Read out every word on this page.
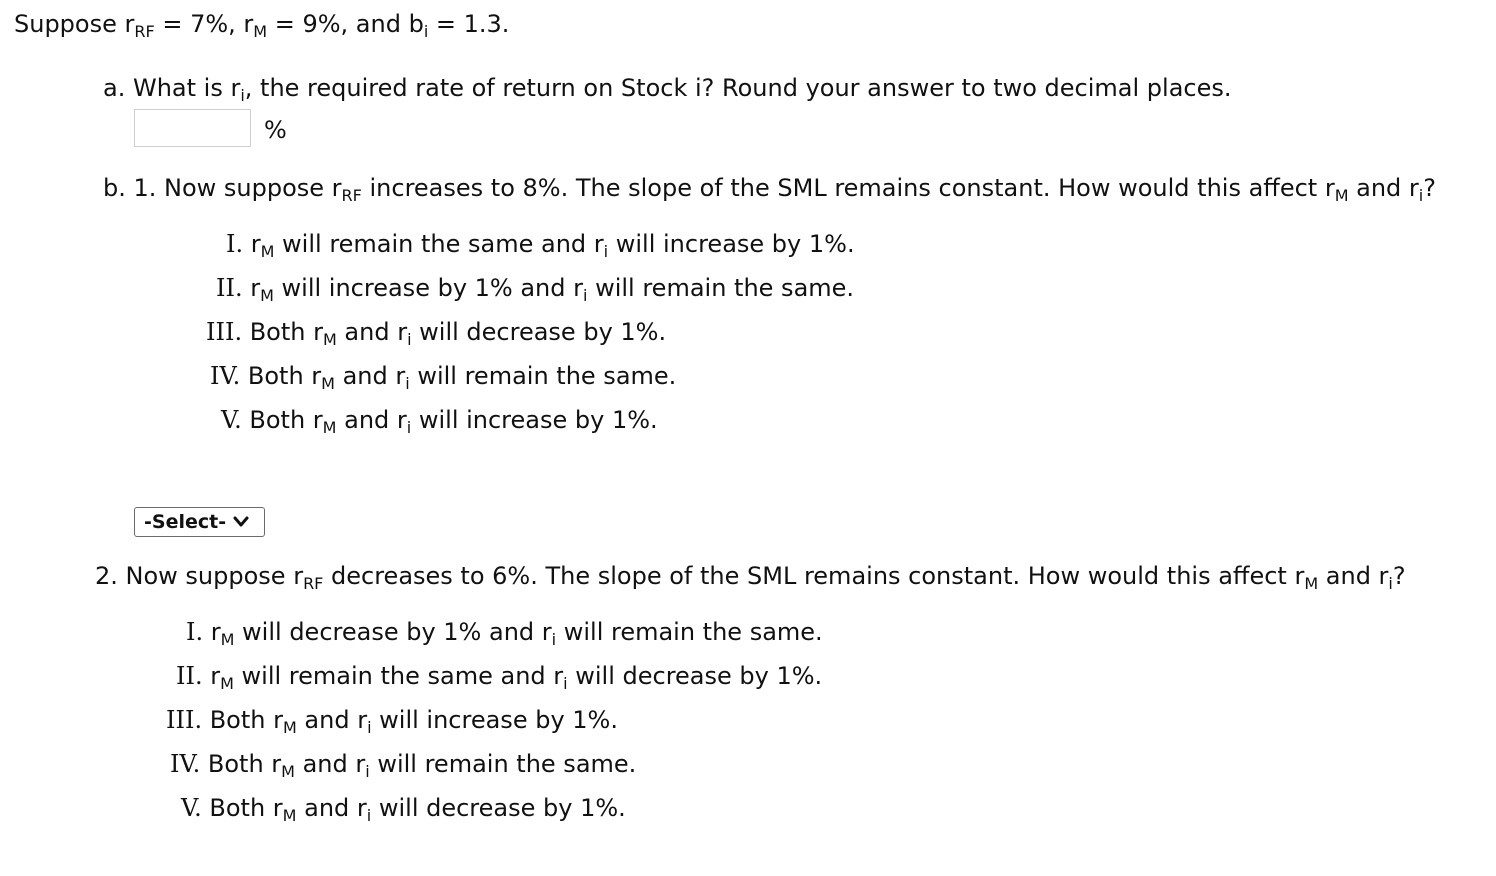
Suppose $r_{RF} = 7\%$, $r_M = 9\%$, and $b_i = 1.3$.
a. What is $r_i$, the required rate of return on Stock i? Round your answer to two decimal places.
%
b. 1. Now suppose $r_{RF}$ increases to 8%. The slope of the SML remains constant. How would this affect $r_M$ and $r_i$?
I. $r_M$ will remain the same and $r_i$ will increase by 1%.
II. $r_M$ will increase by 1% and $r_i$ will remain the same.
III. Both $r_M$ and $r_i$ will decrease by 1%.
IV. Both $r_M$ and $r_i$ will remain the same.
V. Both $r_M$ and $r_i$ will increase by 1%.
-Select-
2. Now suppose $r_{RF}$ decreases to 6%. The slope of the SML remains constant. How would this affect $r_M$ and $r_i$?
I. $r_M$ will decrease by 1% and $r_i$ will remain the same.
II. $r_M$ will remain the same and $r_i$ will decrease by 1%.
III. Both $r_M$ and $r_i$ will increase by 1%.
IV. Both $r_M$ and $r_i$ will remain the same.
V. Both $r_M$ and $r_i$ will decrease by 1%.
